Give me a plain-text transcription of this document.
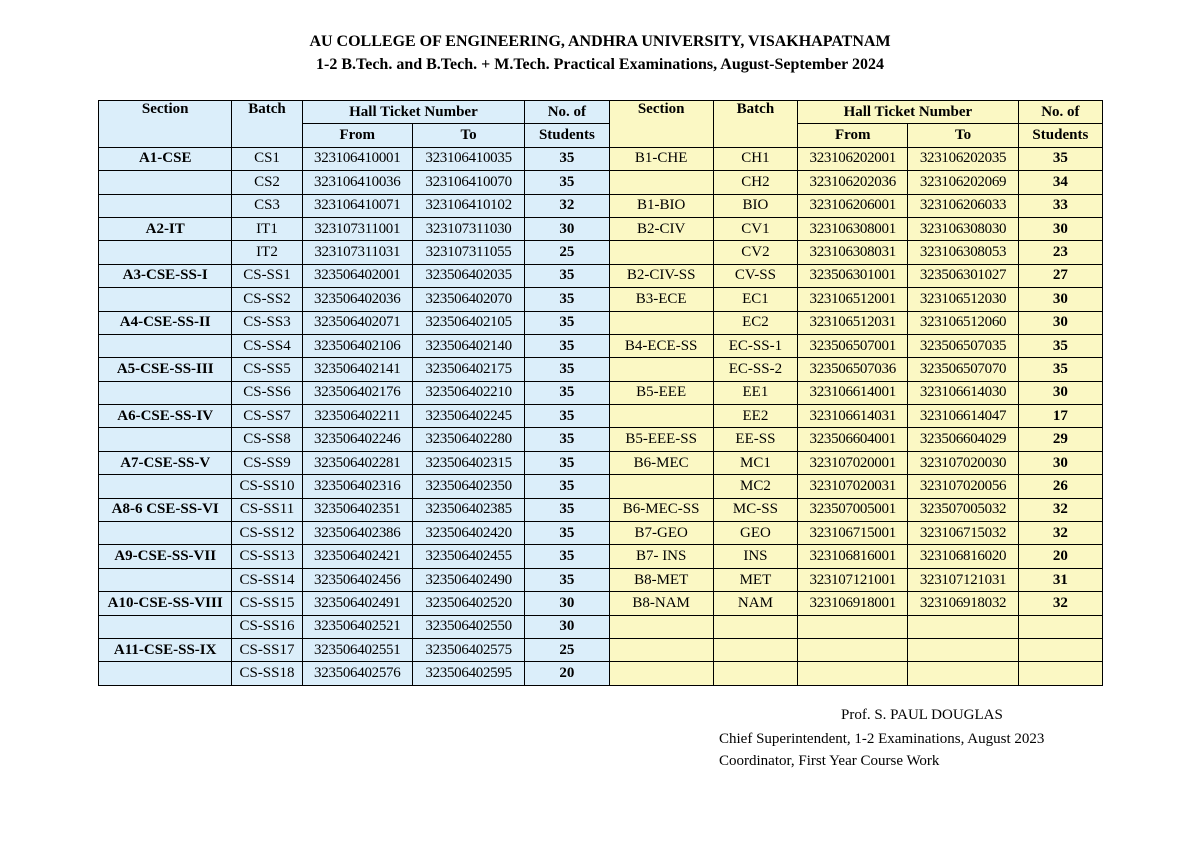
AU COLLEGE OF ENGINEERING, ANDHRA UNIVERSITY, VISAKHAPATNAM
1-2 B.Tech. and B.Tech. + M.Tech. Practical Examinations, August-September 2024
Section	Batch	Hall Ticket Number		No. of	Section	Batch	Hall Ticket Number		No. of
		From	To	Students			From	To	Students
A1-CSE	CS1	323106410001	323106410035	35	B1-CHE	CH1	323106202001	323106202035	35
	CS2	323106410036	323106410070	35		CH2	323106202036	323106202069	34
	CS3	323106410071	323106410102	32	B1-BIO	BIO	323106206001	323106206033	33
A2-IT	IT1	323107311001	323107311030	30	B2-CIV	CV1	323106308001	323106308030	30
	IT2	323107311031	323107311055	25		CV2	323106308031	323106308053	23
A3-CSE-SS-I	CS-SS1	323506402001	323506402035	35	B2-CIV-SS	CV-SS	323506301001	323506301027	27
	CS-SS2	323506402036	323506402070	35	B3-ECE	EC1	323106512001	323106512030	30
A4-CSE-SS-II	CS-SS3	323506402071	323506402105	35		EC2	323106512031	323106512060	30
	CS-SS4	323506402106	323506402140	35	B4-ECE-SS	EC-SS-1	323506507001	323506507035	35
A5-CSE-SS-III	CS-SS5	323506402141	323506402175	35		EC-SS-2	323506507036	323506507070	35
	CS-SS6	323506402176	323506402210	35	B5-EEE	EE1	323106614001	323106614030	30
A6-CSE-SS-IV	CS-SS7	323506402211	323506402245	35		EE2	323106614031	323106614047	17
	CS-SS8	323506402246	323506402280	35	B5-EEE-SS	EE-SS	323506604001	323506604029	29
A7-CSE-SS-V	CS-SS9	323506402281	323506402315	35	B6-MEC	MC1	323107020001	323107020030	30
	CS-SS10	323506402316	323506402350	35		MC2	323107020031	323107020056	26
A8-6 CSE-SS-VI	CS-SS11	323506402351	323506402385	35	B6-MEC-SS	MC-SS	323507005001	323507005032	32
	CS-SS12	323506402386	323506402420	35	B7-GEO	GEO	323106715001	323106715032	32
A9-CSE-SS-VII	CS-SS13	323506402421	323506402455	35	B7- INS	INS	323106816001	323106816020	20
	CS-SS14	323506402456	323506402490	35	B8-MET	MET	323107121001	323107121031	31
A10-CSE-SS-VIII	CS-SS15	323506402491	323506402520	30	B8-NAM	NAM	323106918001	323106918032	32
	CS-SS16	323506402521	323506402550	30					
A11-CSE-SS-IX	CS-SS17	323506402551	323506402575	25					
	CS-SS18	323506402576	323506402595	20					
Prof. S. PAUL DOUGLAS
Chief Superintendent, 1-2 Examinations, August 2023
Coordinator, First Year Course Work
